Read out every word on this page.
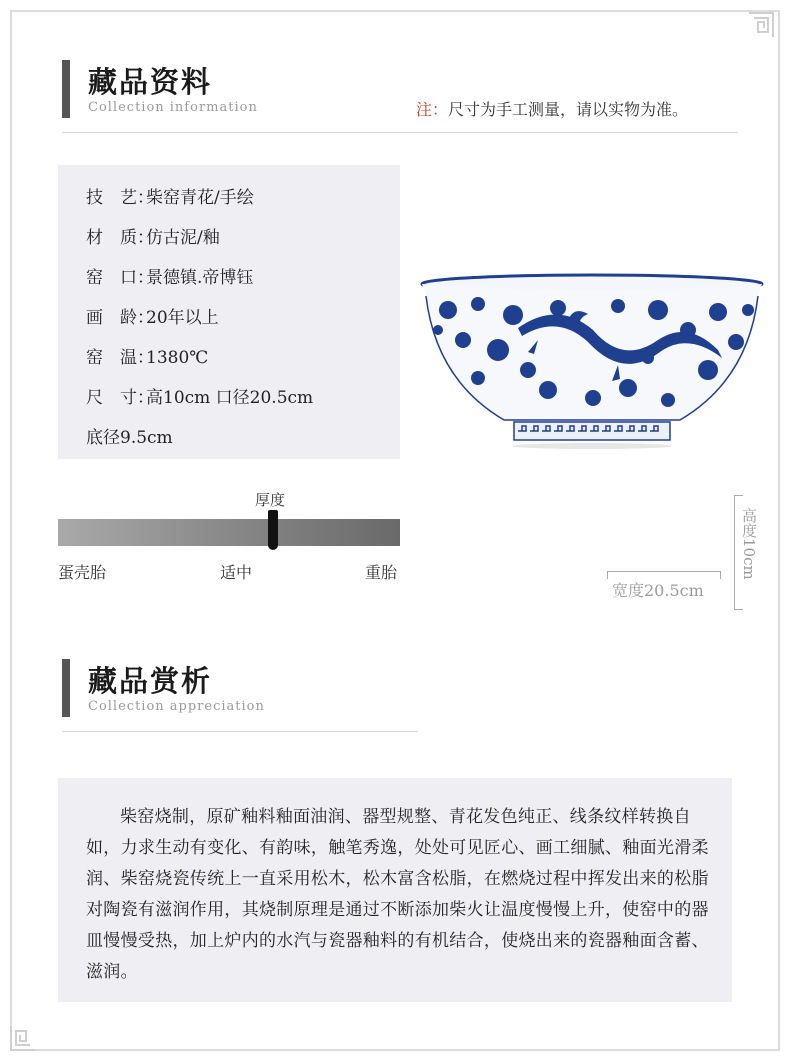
藏品资料
Collection information	注：尺寸为手工测量，请以实物为准。
技　艺：柴窑青花/手绘
材　质：仿古泥/釉
窑　口：景德镇.帝博钰
画　龄：20年以上
窑　温：1380℃
尺　寸：高10cm 口径20.5cm
底径9.5cm
厚度
蛋壳胎	适中	重胎	高度10cm
宽度20.5cm
藏品赏析
Collection appreciation

柴窑烧制，原矿釉料釉面油润、器型规整、青花发色纯正、线条纹样转换自如，力求生动有变化、有韵味，触笔秀逸，处处可见匠心、画工细腻、釉面光滑柔润、柴窑烧瓷传统上一直采用松木，松木富含松脂，在燃烧过程中挥发出来的松脂对陶瓷有滋润作用，其烧制原理是通过不断添加柴火让温度慢慢上升，使窑中的器皿慢慢受热，加上炉内的水汽与瓷器釉料的有机结合，使烧出来的瓷器釉面含蓄、滋润。
